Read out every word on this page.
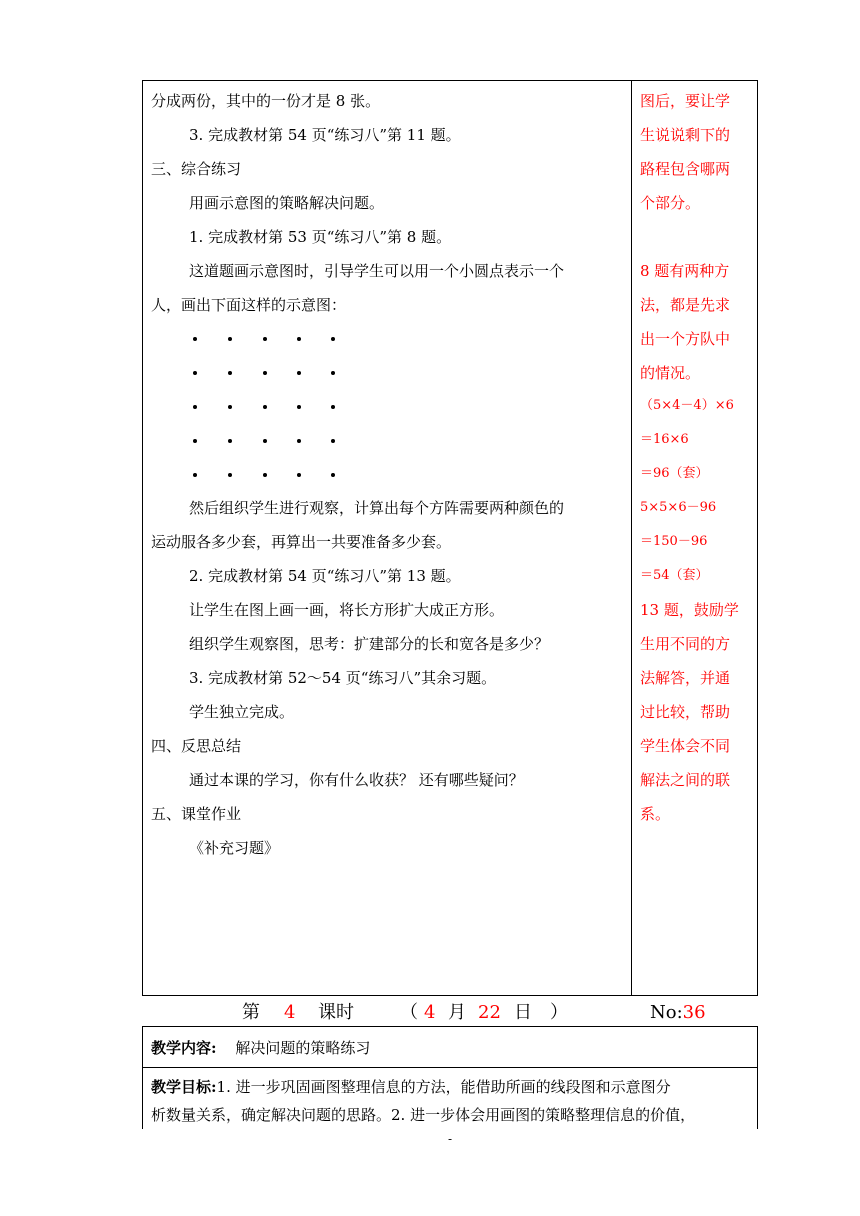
分成两份，其中的一份才是 8 张。
3. 完成教材第 54 页“练习八”第 11 题。
三、综合练习
用画示意图的策略解决问题。
1. 完成教材第 53 页“练习八”第 8 题。
这道题画示意图时，引导学生可以用一个小圆点表示一个
人，画出下面这样的示意图：
然后组织学生进行观察，计算出每个方阵需要两种颜色的
运动服各多少套，再算出一共要准备多少套。
2. 完成教材第 54 页“练习八”第 13 题。
让学生在图上画一画，将长方形扩大成正方形。
组织学生观察图，思考：扩建部分的长和宽各是多少？
3. 完成教材第 52～54 页“练习八”其余习题。
学生独立完成。
四、反思总结
通过本课的学习，你有什么收获？ 还有哪些疑问？
五、课堂作业
《补充习题》
图后，要让学
生说说剩下的
路程包含哪两
个部分。
8 题有两种方
法，都是先求
出一个方队中
的情况。
（5×4－4）×6
＝16×6
＝96（套）
5×5×6－96
＝150－96
＝54（套）
13 题，鼓励学
生用不同的方
法解答，并通
过比较，帮助
学生体会不同
解法之间的联
系。
第 4 课时	（ 4 月 22 日 ）	No:36
教学内容: 解决问题的策略练习
教学目标:1. 进一步巩固画图整理信息的方法，能借助所画的线段图和示意图分
析数量关系，确定解决问题的思路。2. 进一步体会用画图的策略整理信息的价值，
-
